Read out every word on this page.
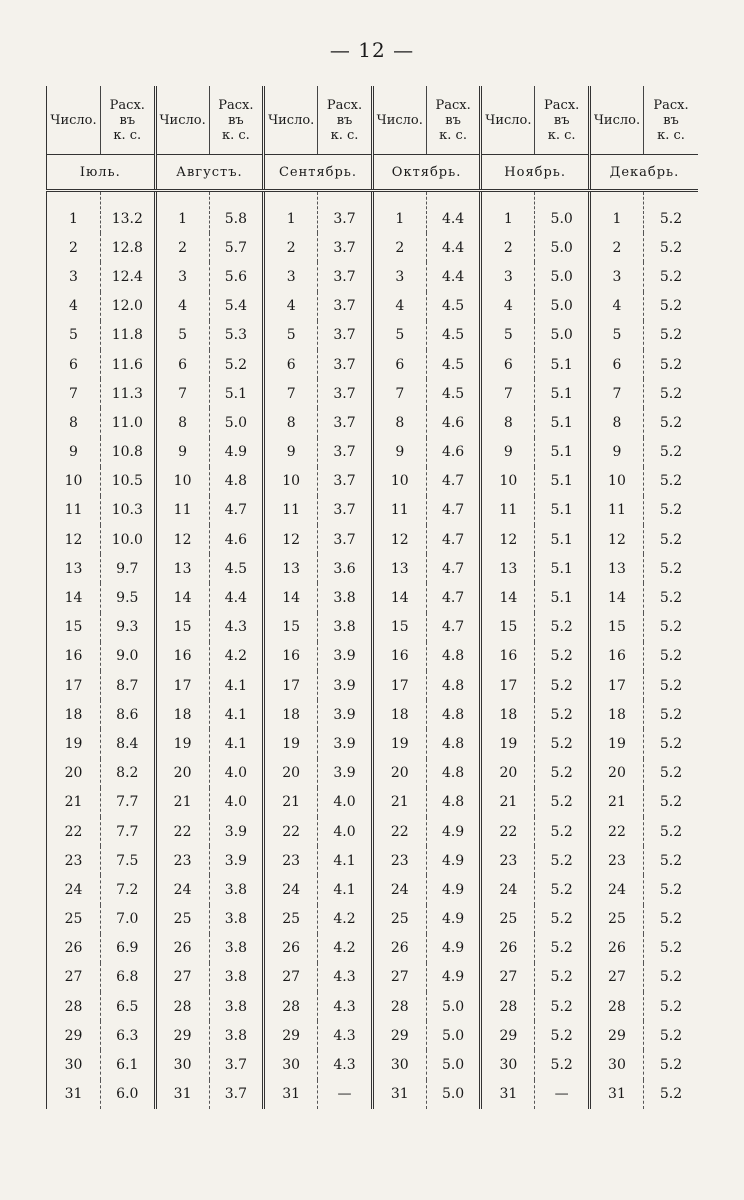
— 12 —
Число.	Расх.
въ
к. с.	Число.	Расх.
въ
к. с.	Число.	Расх.
въ
к. с.	Число.	Расх.
въ
к. с.	Число.	Расх.
въ
к. с.	Число.	Расх.
въ
к. с.

Іюль.		Августъ.		Сентябрь.		Октябрь.		Ноябрь.		Декабрь.	
1	13.2	1	5.8	1	3.7	1	4.4	1	5.0	1	5.2
2	12.8	2	5.7	2	3.7	2	4.4	2	5.0	2	5.2
3	12.4	3	5.6	3	3.7	3	4.4	3	5.0	3	5.2
4	12.0	4	5.4	4	3.7	4	4.5	4	5.0	4	5.2
5	11.8	5	5.3	5	3.7	5	4.5	5	5.0	5	5.2
6	11.6	6	5.2	6	3.7	6	4.5	6	5.1	6	5.2
7	11.3	7	5.1	7	3.7	7	4.5	7	5.1	7	5.2
8	11.0	8	5.0	8	3.7	8	4.6	8	5.1	8	5.2
9	10.8	9	4.9	9	3.7	9	4.6	9	5.1	9	5.2
10	10.5	10	4.8	10	3.7	10	4.7	10	5.1	10	5.2
11	10.3	11	4.7	11	3.7	11	4.7	11	5.1	11	5.2
12	10.0	12	4.6	12	3.7	12	4.7	12	5.1	12	5.2
13	9.7	13	4.5	13	3.6	13	4.7	13	5.1	13	5.2
14	9.5	14	4.4	14	3.8	14	4.7	14	5.1	14	5.2
15	9.3	15	4.3	15	3.8	15	4.7	15	5.2	15	5.2
16	9.0	16	4.2	16	3.9	16	4.8	16	5.2	16	5.2
17	8.7	17	4.1	17	3.9	17	4.8	17	5.2	17	5.2
18	8.6	18	4.1	18	3.9	18	4.8	18	5.2	18	5.2
19	8.4	19	4.1	19	3.9	19	4.8	19	5.2	19	5.2
20	8.2	20	4.0	20	3.9	20	4.8	20	5.2	20	5.2
21	7.7	21	4.0	21	4.0	21	4.8	21	5.2	21	5.2
22	7.7	22	3.9	22	4.0	22	4.9	22	5.2	22	5.2
23	7.5	23	3.9	23	4.1	23	4.9	23	5.2	23	5.2
24	7.2	24	3.8	24	4.1	24	4.9	24	5.2	24	5.2
25	7.0	25	3.8	25	4.2	25	4.9	25	5.2	25	5.2
26	6.9	26	3.8	26	4.2	26	4.9	26	5.2	26	5.2
27	6.8	27	3.8	27	4.3	27	4.9	27	5.2	27	5.2
28	6.5	28	3.8	28	4.3	28	5.0	28	5.2	28	5.2
29	6.3	29	3.8	29	4.3	29	5.0	29	5.2	29	5.2
30	6.1	30	3.7	30	4.3	30	5.0	30	5.2	30	5.2
31	6.0	31	3.7	31	—	31	5.0	31	—	31	5.2
